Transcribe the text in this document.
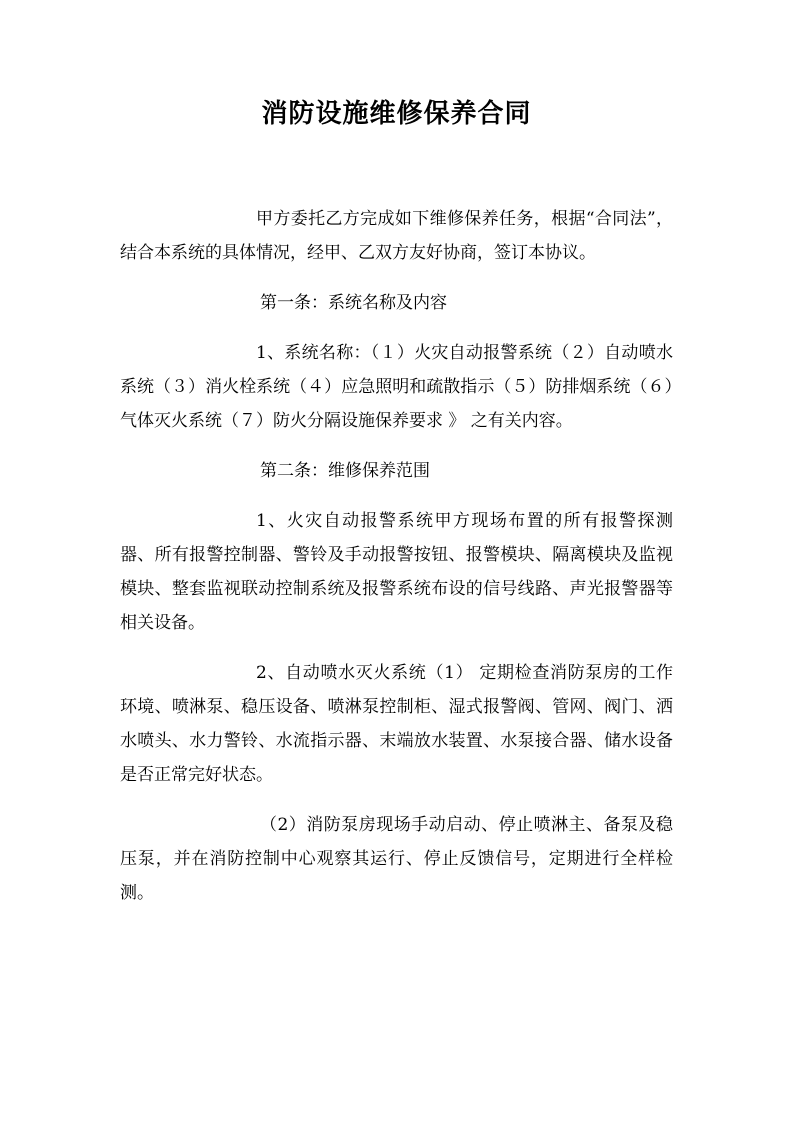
消防设施维修保养合同

甲方委托乙方完成如下维修保养任务，根据“合同法”，结合本系统的具体情况，经甲、乙双方友好协商，签订本协议。

第一条：系统名称及内容

1、系统名称：（１）火灾自动报警系统（２）自动喷水系统（３）消火栓系统（４）应急照明和疏散指示（５）防排烟系统（６）气体灭火系统（７）防火分隔设施保养要求 》 之有关内容。

第二条：维修保养范围

1、火灾自动报警系统甲方现场布置的所有报警探测器、所有报警控制器、警铃及手动报警按钮、报警模块、隔离模块及监视模块、整套监视联动控制系统及报警系统布设的信号线路、声光报警器等相关设备。

2、自动喷水灭火系统（1） 定期检查消防泵房的工作环境、喷淋泵、稳压设备、喷淋泵控制柜、湿式报警阀、管网、阀门、洒水喷头、水力警铃、水流指示器、末端放水装置、水泵接合器、储水设备是否正常完好状态。

（2）消防泵房现场手动启动、停止喷淋主、备泵及稳压泵，并在消防控制中心观察其运行、停止反馈信号，定期进行全样检测。
